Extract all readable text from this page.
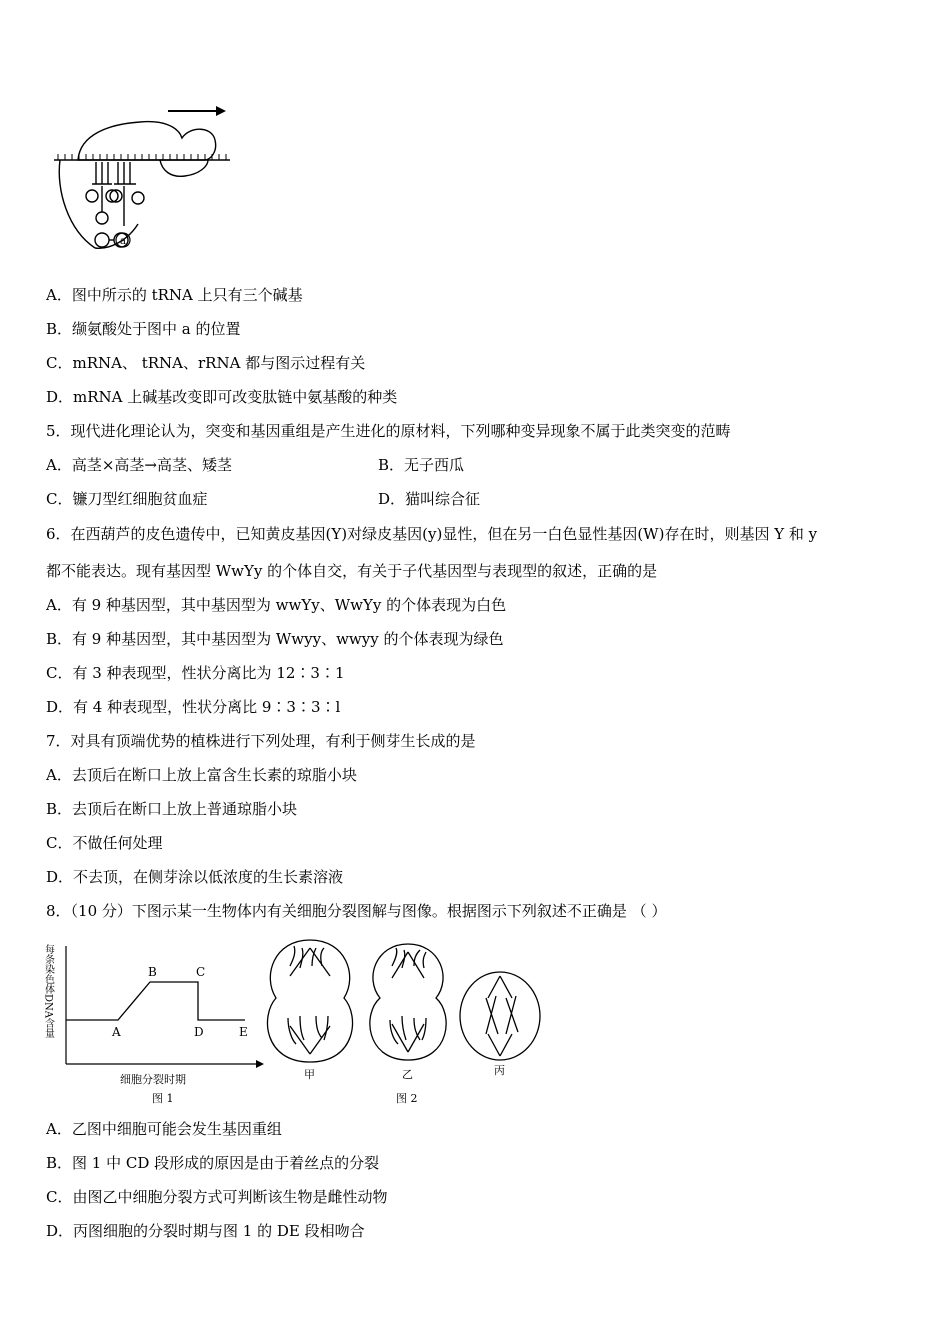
a
A．图中所示的 tRNA 上只有三个碱基
B．缬氨酸处于图中 a 的位置
C．mRNA、 tRNA、rRNA 都与图示过程有关
D．mRNA 上碱基改变即可改变肽链中氨基酸的种类
5．现代进化理论认为，突变和基因重组是产生进化的原材料，下列哪种变异现象不属于此类突变的范畴
A．高茎×高茎→高茎、矮茎	B．无子西瓜
C．镰刀型红细胞贫血症	D．猫叫综合征
6．在西葫芦的皮色遗传中，已知黄皮基因(Y)对绿皮基因(y)显性，但在另一白色显性基因(W)存在时，则基因 Y 和 y
都不能表达。现有基因型 WwYy 的个体自交，有关于子代基因型与表现型的叙述，正确的是
A．有 9 种基因型，其中基因型为 wwYy、WwYy 的个体表现为白色
B．有 9 种基因型，其中基因型为 Wwyy、wwyy 的个体表现为绿色
C．有 3 种表现型，性状分离比为 12∶3∶1
D．有 4 种表现型，性状分离比 9∶3∶3∶l
7．对具有顶端优势的植株进行下列处理，有利于侧芽生长成的是
A．去顶后在断口上放上富含生长素的琼脂小块
B．去顶后在断口上放上普通琼脂小块
C．不做任何处理
D．不去顶，在侧芽涂以低浓度的生长素溶液
8．（10 分）下图示某一生物体内有关细胞分裂图解与图像。根据图示下列叙述不正确是 （ ）
每条染色体DNA含量	A
B	C
D	E
细胞分裂时期
图 1
甲	乙	丙
图 2
A．乙图中细胞可能会发生基因重组
B．图 1 中 CD 段形成的原因是由于着丝点的分裂
C．由图乙中细胞分裂方式可判断该生物是雌性动物
D．丙图细胞的分裂时期与图 1 的 DE 段相吻合
